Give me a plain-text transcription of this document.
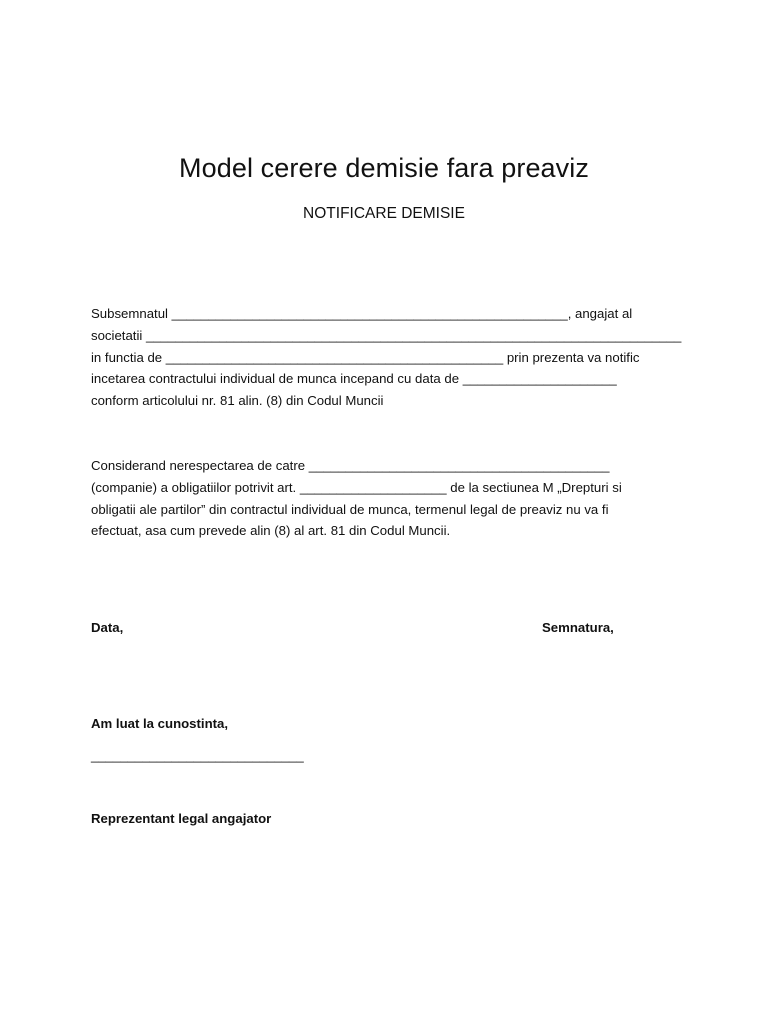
Model cerere demisie fara preaviz
NOTIFICARE DEMISIE
Subsemnatul ______________________________________________________, angajat al
societatii _________________________________________________________________________
in functia de ______________________________________________ prin prezenta va notific
incetarea contractului individual de munca incepand cu data de _____________________
conform articolului nr. 81 alin. (8) din Codul Muncii
Considerand nerespectarea de catre _________________________________________
(companie) a obligatiilor potrivit art. ____________________ de la sectiunea M „Drepturi si
obligatii ale partilor” din contractul individual de munca, termenul legal de preaviz nu va fi
efectuat, asa cum prevede alin (8) al art. 81 din Codul Muncii.
Data,	Semnatura,
Am luat la cunostinta,
_____________________________
Reprezentant legal angajator
